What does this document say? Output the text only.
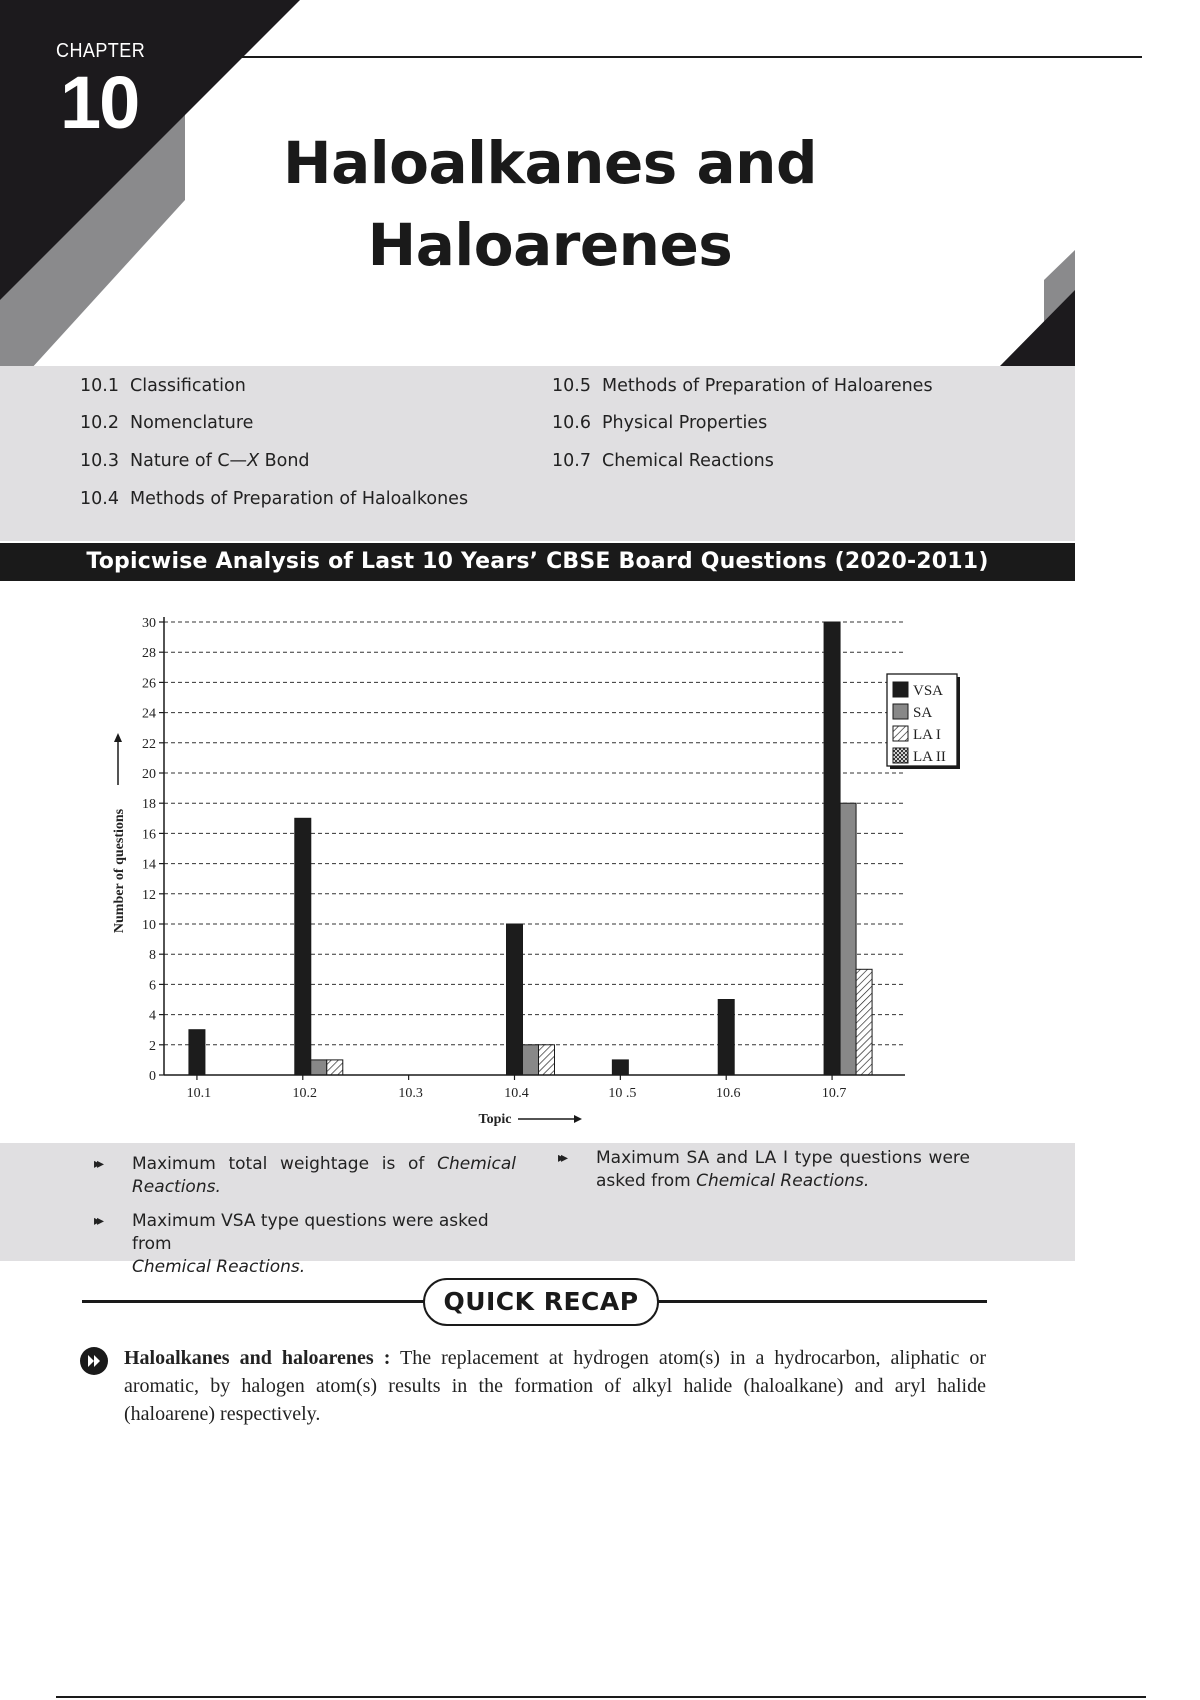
CHAPTER
10
Haloalkanes and
Haloarenes
10.1 Classification
10.2 Nomenclature
10.3 Nature of C—X Bond
10.4 Methods of Preparation of Haloalkones
10.5 Methods of Preparation of Haloarenes
10.6 Physical Properties
10.7 Chemical Reactions
Topicwise Analysis of Last 10 Years’ CBSE Board Questions (2020-2011)
0
2
4
6
8
10
12
14
16
18
20
22
24
26
28
30
10.1	10.2	10.3	10.4	10 .5	10.6	10.7
Topic
Number of questions
VSA
SA
LA I
LA II
▸▸ Maximum total weightage is of Chemical Reactions.
▸▸ Maximum VSA type questions were asked from
Chemical Reactions.
▸▸ Maximum SA and LA I type questions were asked from Chemical Reactions.
QUICK RECAP
Haloalkanes and haloarenes : The replacement at hydrogen atom(s) in a hydrocarbon, aliphatic or aromatic, by halogen atom(s) results in the formation of alkyl halide (haloalkane) and aryl halide (haloarene) respectively.
